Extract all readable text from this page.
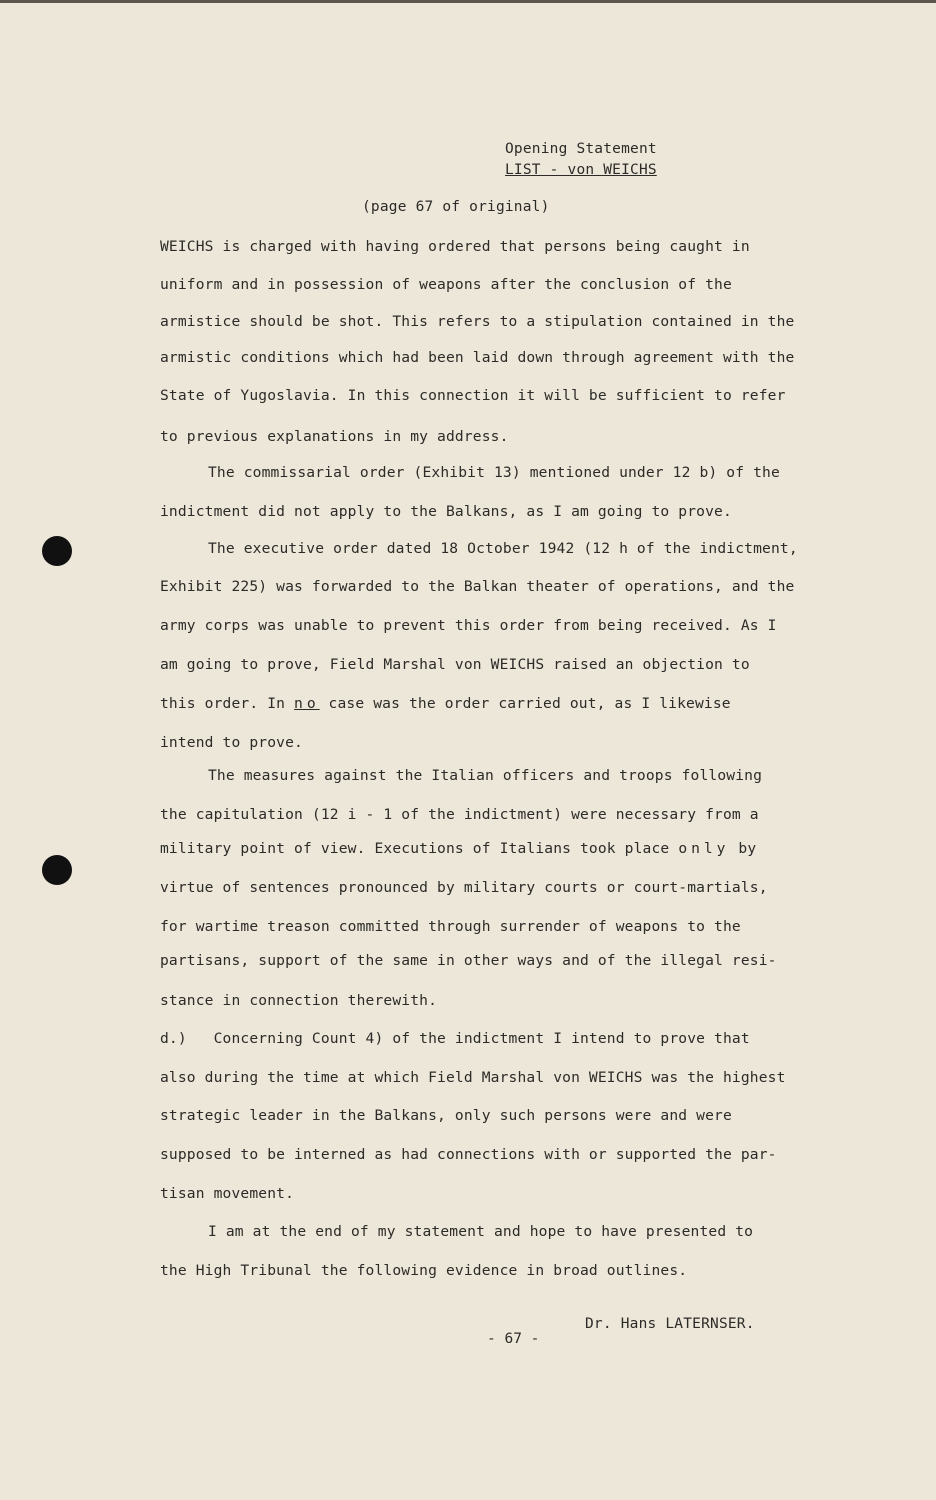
Opening Statement
LIST - von WEICHS
(page 67 of original)

WEICHS is charged with having ordered that persons being caught in

uniform and in possession of weapons after the conclusion of the

armistice should be shot. This refers to a stipulation contained in the

armistic conditions which had been laid down through agreement with the

State of Yugoslavia. In this connection it will be sufficient to refer

to previous explanations in my address.

The commissarial order (Exhibit 13) mentioned under 12 b) of the

indictment did not apply to the Balkans, as I am going to prove.

The executive order dated 18 October 1942 (12 h of the indictment,

Exhibit 225) was forwarded to the Balkan theater of operations, and the

army corps was unable to prevent this order from being received. As I

am going to prove, Field Marshal von WEICHS raised an objection to

this order. In no case was the order carried out, as I likewise

intend to prove.

The measures against the Italian officers and troops following

the capitulation (12 i - 1 of the indictment) were necessary from a

military point of view. Executions of Italians took place only by

virtue of sentences pronounced by military courts or court-martials,

for wartime treason committed through surrender of weapons to the

partisans, support of the same in other ways and of the illegal resi-

stance in connection therewith.

d.)   Concerning Count 4) of the indictment I intend to prove that

also during the time at which Field Marshal von WEICHS was the highest

strategic leader in the Balkans, only such persons were and were

supposed to be interned as had connections with or supported the par-

tisan movement.

I am at the end of my statement and hope to have presented to

the High Tribunal the following evidence in broad outlines.

Dr. Hans LATERNSER.
- 67 -
